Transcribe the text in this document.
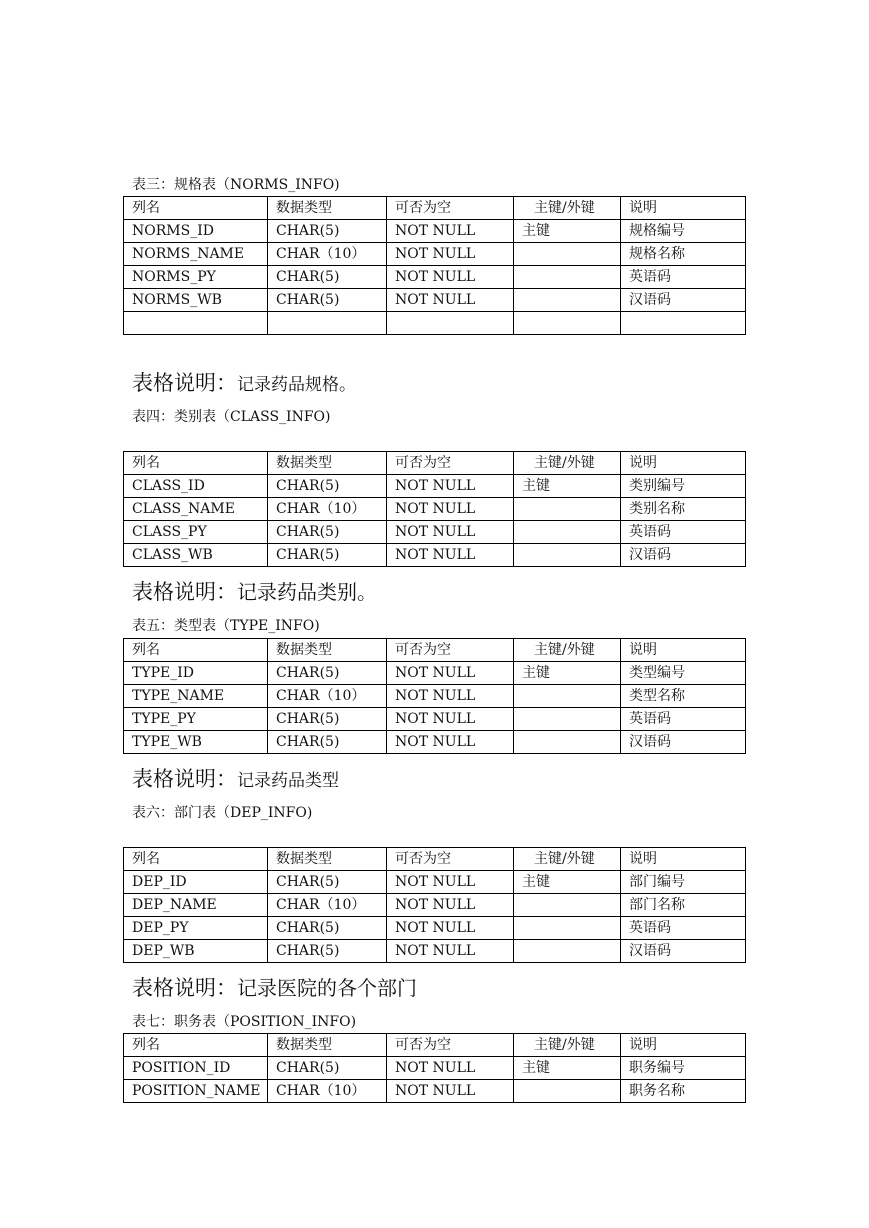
表三：规格表（NORMS_INFO)
列名	数据类型	可否为空	主键/外键	说明
NORMS_ID	CHAR(5)	NOT NULL	主键	规格编号
NORMS_NAME	CHAR（10）	NOT NULL		规格名称
NORMS_PY	CHAR(5)	NOT NULL		英语码
NORMS_WB	CHAR(5)	NOT NULL		汉语码

表格说明：记录药品规格。
表四：类别表（CLASS_INFO)
列名	数据类型	可否为空	主键/外键	说明
CLASS_ID	CHAR(5)	NOT NULL	主键	类别编号
CLASS_NAME	CHAR（10）	NOT NULL		类别名称
CLASS_PY	CHAR(5)	NOT NULL		英语码
CLASS_WB	CHAR(5)	NOT NULL		汉语码
表格说明：记录药品类别。
表五：类型表（TYPE_INFO)
列名	数据类型	可否为空	主键/外键	说明
TYPE_ID	CHAR(5)	NOT NULL	主键	类型编号
TYPE_NAME	CHAR（10）	NOT NULL		类型名称
TYPE_PY	CHAR(5)	NOT NULL		英语码
TYPE_WB	CHAR(5)	NOT NULL		汉语码
表格说明：记录药品类型
表六：部门表（DEP_INFO)
列名	数据类型	可否为空	主键/外键	说明
DEP_ID	CHAR(5)	NOT NULL	主键	部门编号
DEP_NAME	CHAR（10）	NOT NULL		部门名称
DEP_PY	CHAR(5)	NOT NULL		英语码
DEP_WB	CHAR(5)	NOT NULL		汉语码
表格说明：记录医院的各个部门
表七：职务表（POSITION_INFO)
列名	数据类型	可否为空	主键/外键	说明
POSITION_ID	CHAR(5)	NOT NULL	主键	职务编号
POSITION_NAME	CHAR（10）	NOT NULL		职务名称
